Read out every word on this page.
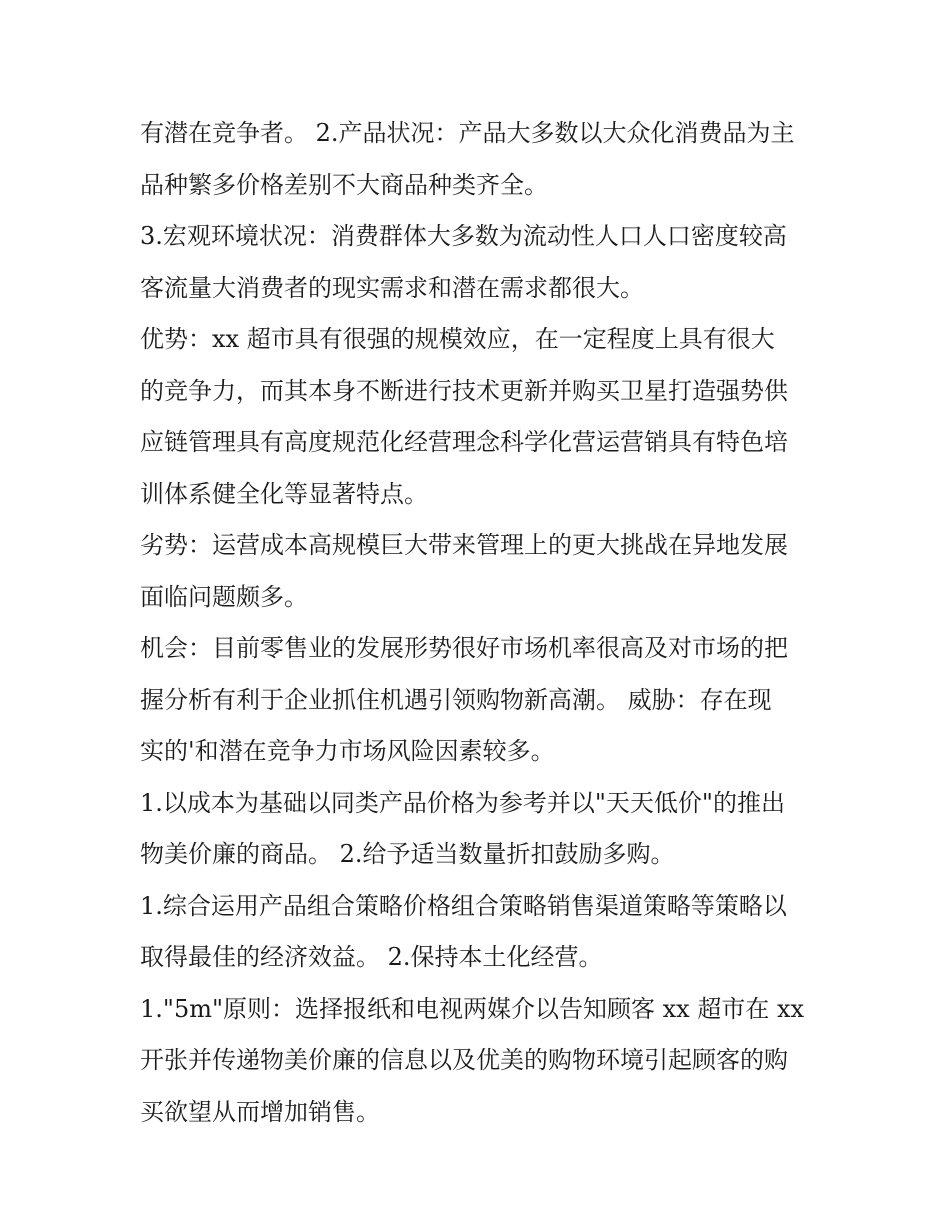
有潜在竞争者。 2.产品状况：产品大多数以大众化消费品为主
品种繁多价格差别不大商品种类齐全。

3.宏观环境状况：消费群体大多数为流动性人口人口密度较高
客流量大消费者的现实需求和潜在需求都很大。

优势：xx 超市具有很强的规模效应，在一定程度上具有很大
的竞争力，而其本身不断进行技术更新并购买卫星打造强势供
应链管理具有高度规范化经营理念科学化营运营销具有特色培
训体系健全化等显著特点。

劣势：运营成本高规模巨大带来管理上的更大挑战在异地发展
面临问题颇多。

机会：目前零售业的发展形势很好市场机率很高及对市场的把
握分析有利于企业抓住机遇引领购物新高潮。 威胁：存在现
实的'和潜在竞争力市场风险因素较多。

1.以成本为基础以同类产品价格为参考并以"天天低价"的推出
物美价廉的商品。 2.给予适当数量折扣鼓励多购。

1.综合运用产品组合策略价格组合策略销售渠道策略等策略以
取得最佳的经济效益。 2.保持本土化经营。

1."5m"原则：选择报纸和电视两媒介以告知顾客 xx 超市在 xx
开张并传递物美价廉的信息以及优美的购物环境引起顾客的购
买欲望从而增加销售。
